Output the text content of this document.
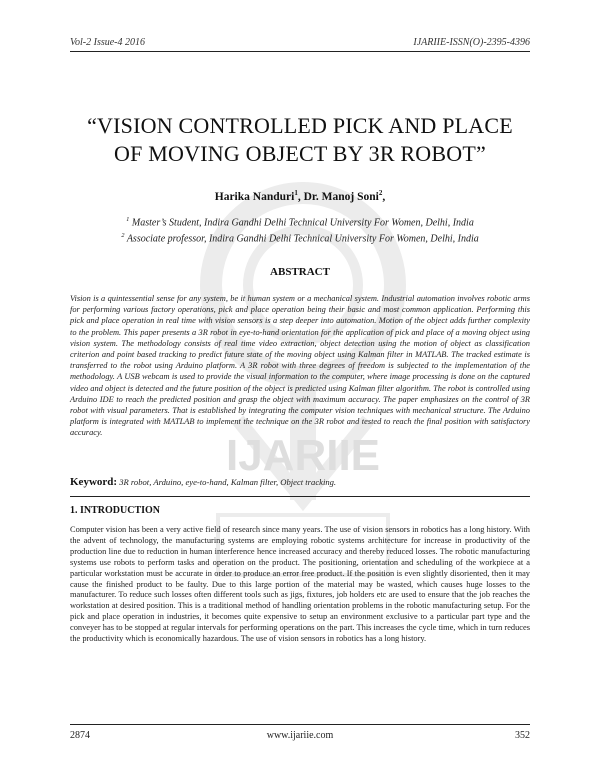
IJARIIE
Vol-2 Issue-4 2016	IJARIIE-ISSN(O)-2395-4396
“VISION CONTROLLED PICK AND PLACE
OF MOVING OBJECT BY 3R ROBOT”
Harika Nanduri$^1$, Dr. Manoj Soni$^2$,
$^1$ Master’s Student, Indira Gandhi Delhi Technical University For Women, Delhi, India
$^2$ Associate professor, Indira Gandhi Delhi Technical University For Women, Delhi, India
ABSTRACT
Vision is a quintessential sense for any system, be it human system or a mechanical system. Industrial automation involves robotic arms for performing various factory operations, pick and place operation being their basic and most common application. Performing this pick and place operation in real time with vision sensors is a step deeper into automation. Motion of the object adds further complexity to the problem. This paper presents a 3R robot in eye-to-hand orientation for the application of pick and place of a moving object using vision system. The methodology consists of real time video extraction, object detection using the motion of object as classification criterion and point based tracking to predict future state of the moving object using Kalman filter in MATLAB. The tracked estimate is transferred to the robot using Arduino platform. A 3R robot with three degrees of freedom is subjected to the implementation of the methodology. A USB webcam is used to provide the visual information to the computer, where image processing is done on the captured video and object is detected and the future position of the object is predicted using Kalman filter algorithm. The robot is controlled using Arduino IDE to reach the predicted position and grasp the object with maximum accuracy. The paper emphasizes on the control of 3R robot with visual parameters. That is established by integrating the computer vision techniques with mechanical structure. The Arduino platform is integrated with MATLAB to implement the technique on the 3R robot and tested to reach the final position with satisfactory accuracy.
Keyword: 3R robot, Arduino, eye-to-hand, Kalman filter, Object tracking.
1. INTRODUCTION
Computer vision has been a very active field of research since many years. The use of vision sensors in robotics has a long history. With the advent of technology, the manufacturing systems are employing robotic systems architecture for increase in productivity of the production line due to reduction in human interference hence increased accuracy and thereby reduced losses. The robotic manufacturing systems use robots to perform tasks and operation on the product. The positioning, orientation and scheduling of the workpiece at a particular workstation must be accurate in order to produce an error free product. If the position is even slightly disoriented, then it may cause the finished product to be faulty. Due to this large portion of the material may be wasted, which causes huge losses to the manufacturer. To reduce such losses often different tools such as jigs, fixtures, job holders etc are used to ensure that the job reaches the workstation at desired position. This is a traditional method of handling orientation problems in the robotic manufacturing setup. For the pick and place operation in industries, it becomes quite expensive to setup an environment exclusive to a particular part type and the conveyer has to be stopped at regular intervals for performing operations on the part. This increases the cycle time, which in turn reduces the productivity which is economically hazardous. The use of vision sensors in robotics has a long history.
2874	www.ijariie.com	352
